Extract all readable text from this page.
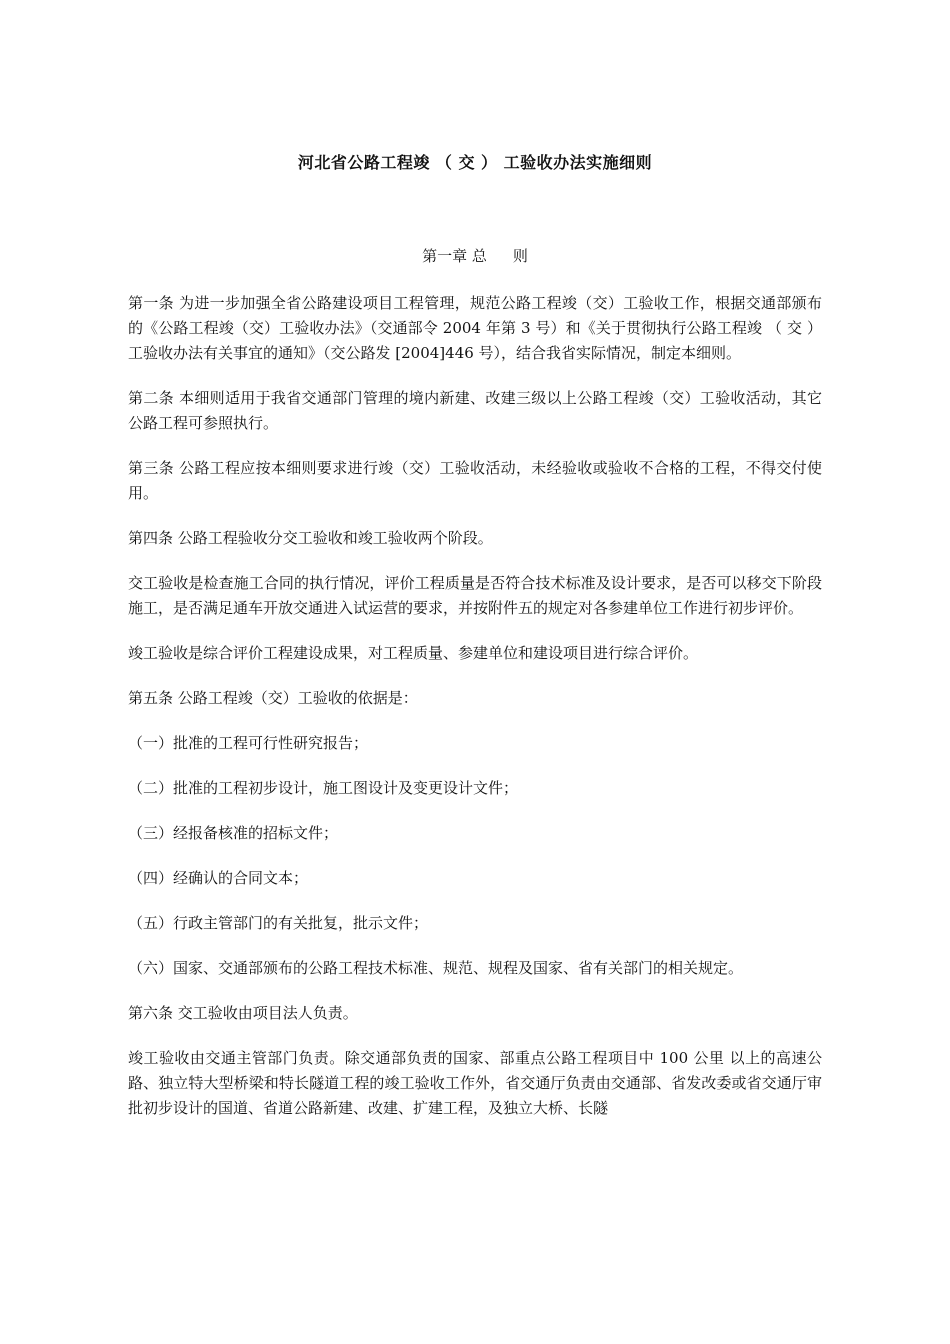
河北省公路工程竣 （ 交 ） 工验收办法实施细则
第一章 总 则

第一条 为进一步加强全省公路建设项目工程管理，规范公路工程竣（交）工验收工作，根据交通部颁布的《公路工程竣（交）工验收办法》（交通部令 2004 年第 3 号）和《关于贯彻执行公路工程竣 （ 交 ） 工验收办法有关事宜的通知》（交公路发 [2004]446 号），结合我省实际情况，制定本细则。

第二条 本细则适用于我省交通部门管理的境内新建、改建三级以上公路工程竣（交）工验收活动，其它公路工程可参照执行。

第三条 公路工程应按本细则要求进行竣（交）工验收活动，未经验收或验收不合格的工程，不得交付使用。

第四条 公路工程验收分交工验收和竣工验收两个阶段。

交工验收是检查施工合同的执行情况，评价工程质量是否符合技术标准及设计要求，是否可以移交下阶段施工，是否满足通车开放交通进入试运营的要求，并按附件五的规定对各参建单位工作进行初步评价。

竣工验收是综合评价工程建设成果，对工程质量、参建单位和建设项目进行综合评价。

第五条 公路工程竣（交）工验收的依据是：

（一）批准的工程可行性研究报告；

（二）批准的工程初步设计，施工图设计及变更设计文件；

（三）经报备核准的招标文件；

（四）经确认的合同文本；

（五）行政主管部门的有关批复，批示文件；

（六）国家、交通部颁布的公路工程技术标准、规范、规程及国家、省有关部门的相关规定。

第六条 交工验收由项目法人负责。

竣工验收由交通主管部门负责。除交通部负责的国家、部重点公路工程项目中 100 公里 以上的高速公路、独立特大型桥梁和特长隧道工程的竣工验收工作外，省交通厅负责由交通部、省发改委或省交通厅审批初步设计的国道、省道公路新建、改建、扩建工程，及独立大桥、长隧
